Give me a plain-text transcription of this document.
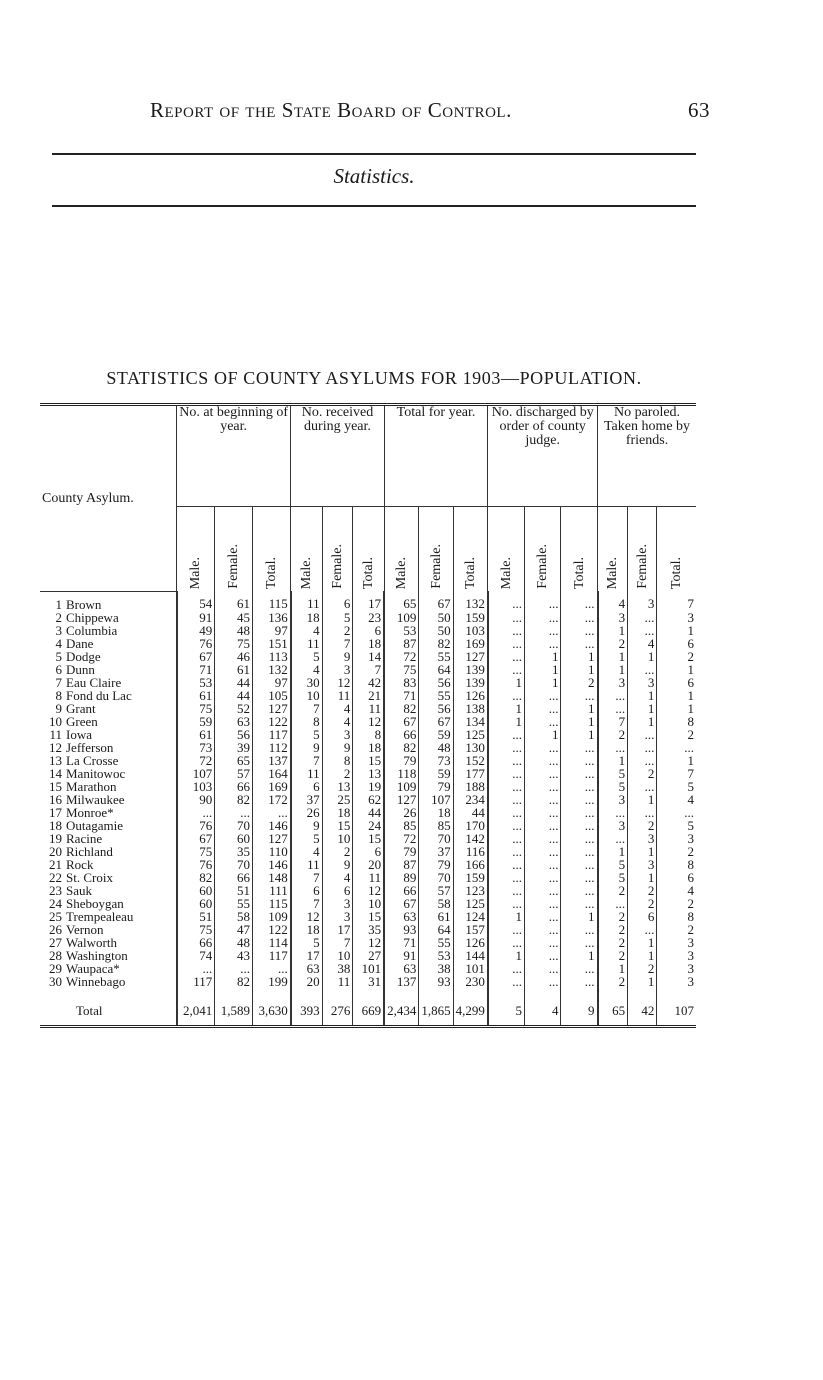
Report of the State Board of Control.	63
Statistics.
STATISTICS OF COUNTY ASYLUMS FOR 1903—POPULATION.
County Asylum.	No. at beginning of year.			No. received during year.			Total for year.			No. discharged by order of county judge.			No paroled. Taken home by friends.		
	Male.	Female.	Total.	Male.	Female.	Total.	Male.	Female.	Total.	Male.	Female.	Total.	Male.	Female.	Total.
1 Brown	54	61	115	11	6	17	65	67	132	...	...	...	4	3	7
2 Chippewa	91	45	136	18	5	23	109	50	159	...	...	...	3	...	3
3 Columbia	49	48	97	4	2	6	53	50	103	...	...	...	1	...	1
4 Dane	76	75	151	11	7	18	87	82	169	...	...	...	2	4	6
5 Dodge	67	46	113	5	9	14	72	55	127	...	1	1	1	1	2
6 Dunn	71	61	132	4	3	7	75	64	139	...	1	1	1	...	1
7 Eau Claire	53	44	97	30	12	42	83	56	139	1	1	2	3	3	6
8 Fond du Lac	61	44	105	10	11	21	71	55	126	...	...	...	...	1	1
9 Grant	75	52	127	7	4	11	82	56	138	1	...	1	...	1	1
10 Green	59	63	122	8	4	12	67	67	134	1	...	1	7	1	8
11 Iowa	61	56	117	5	3	8	66	59	125	...	1	1	2	...	2
12 Jefferson	73	39	112	9	9	18	82	48	130	...	...	...	...	...	...
13 La Crosse	72	65	137	7	8	15	79	73	152	...	...	...	1	...	1
14 Manitowoc	107	57	164	11	2	13	118	59	177	...	...	...	5	2	7
15 Marathon	103	66	169	6	13	19	109	79	188	...	...	...	5	...	5
16 Milwaukee	90	82	172	37	25	62	127	107	234	...	...	...	3	1	4
17 Monroe*	...	...	...	26	18	44	26	18	44	...	...	...	...	...	...
18 Outagamie	76	70	146	9	15	24	85	85	170	...	...	...	3	2	5
19 Racine	67	60	127	5	10	15	72	70	142	...	...	...	...	3	3
20 Richland	75	35	110	4	2	6	79	37	116	...	...	...	1	1	2
21 Rock	76	70	146	11	9	20	87	79	166	...	...	...	5	3	8
22 St. Croix	82	66	148	7	4	11	89	70	159	...	...	...	5	1	6
23 Sauk	60	51	111	6	6	12	66	57	123	...	...	...	2	2	4
24 Sheboygan	60	55	115	7	3	10	67	58	125	...	...	...	...	2	2
25 Trempealeau	51	58	109	12	3	15	63	61	124	1	...	1	2	6	8
26 Vernon	75	47	122	18	17	35	93	64	157	...	...	...	2	...	2
27 Walworth	66	48	114	5	7	12	71	55	126	...	...	...	2	1	3
28 Washington	74	43	117	17	10	27	91	53	144	1	...	1	2	1	3
29 Waupaca*	...	...	...	63	38	101	63	38	101	...	...	...	1	2	3
30 Winnebago	117	82	199	20	11	31	137	93	230	...	...	...	2	1	3
Total	2,041	1,589	3,630	393	276	669	2,434	1,865	4,299	5	4	9	65	42	107
